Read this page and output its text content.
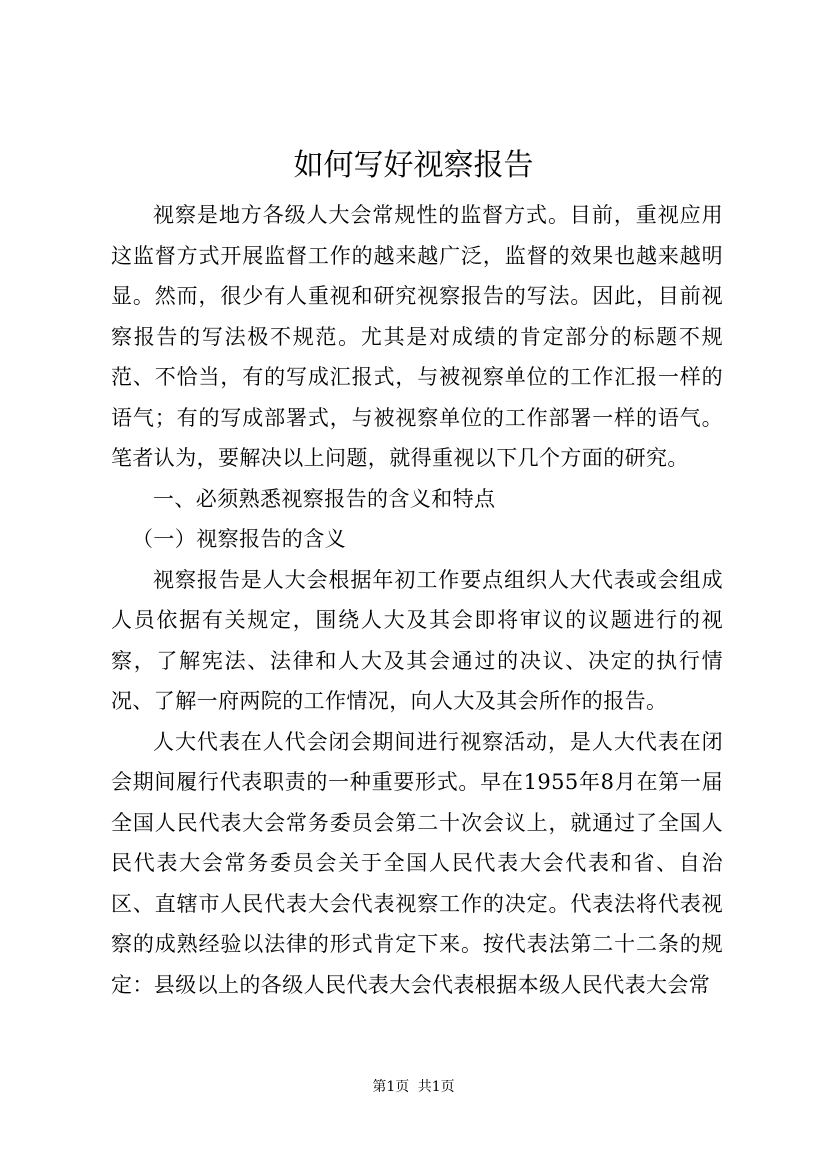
如何写好视察报告

视察是地方各级人大会常规性的监督方式。目前，重视应用这监督方式开展监督工作的越来越广泛，监督的效果也越来越明显。然而，很少有人重视和研究视察报告的写法。因此，目前视察报告的写法极不规范。尤其是对成绩的肯定部分的标题不规范、不恰当，有的写成汇报式，与被视察单位的工作汇报一样的语气；有的写成部署式，与被视察单位的工作部署一样的语气。笔者认为，要解决以上问题，就得重视以下几个方面的研究。

一、必须熟悉视察报告的含义和特点

（一）视察报告的含义

视察报告是人大会根据年初工作要点组织人大代表或会组成人员依据有关规定，围绕人大及其会即将审议的议题进行的视察，了解宪法、法律和人大及其会通过的决议、决定的执行情况、了解一府两院的工作情况，向人大及其会所作的报告。

人大代表在人代会闭会期间进行视察活动，是人大代表在闭会期间履行代表职责的一种重要形式。早在1955年8月在第一届全国人民代表大会常务委员会第二十次会议上，就通过了全国人民代表大会常务委员会关于全国人民代表大会代表和省、自治区、直辖市人民代表大会代表视察工作的决定。代表法将代表视察的成熟经验以法律的形式肯定下来。按代表法第二十二条的规定：县级以上的各级人民代表大会代表根据本级人民代表大会常

第1页 共1页
